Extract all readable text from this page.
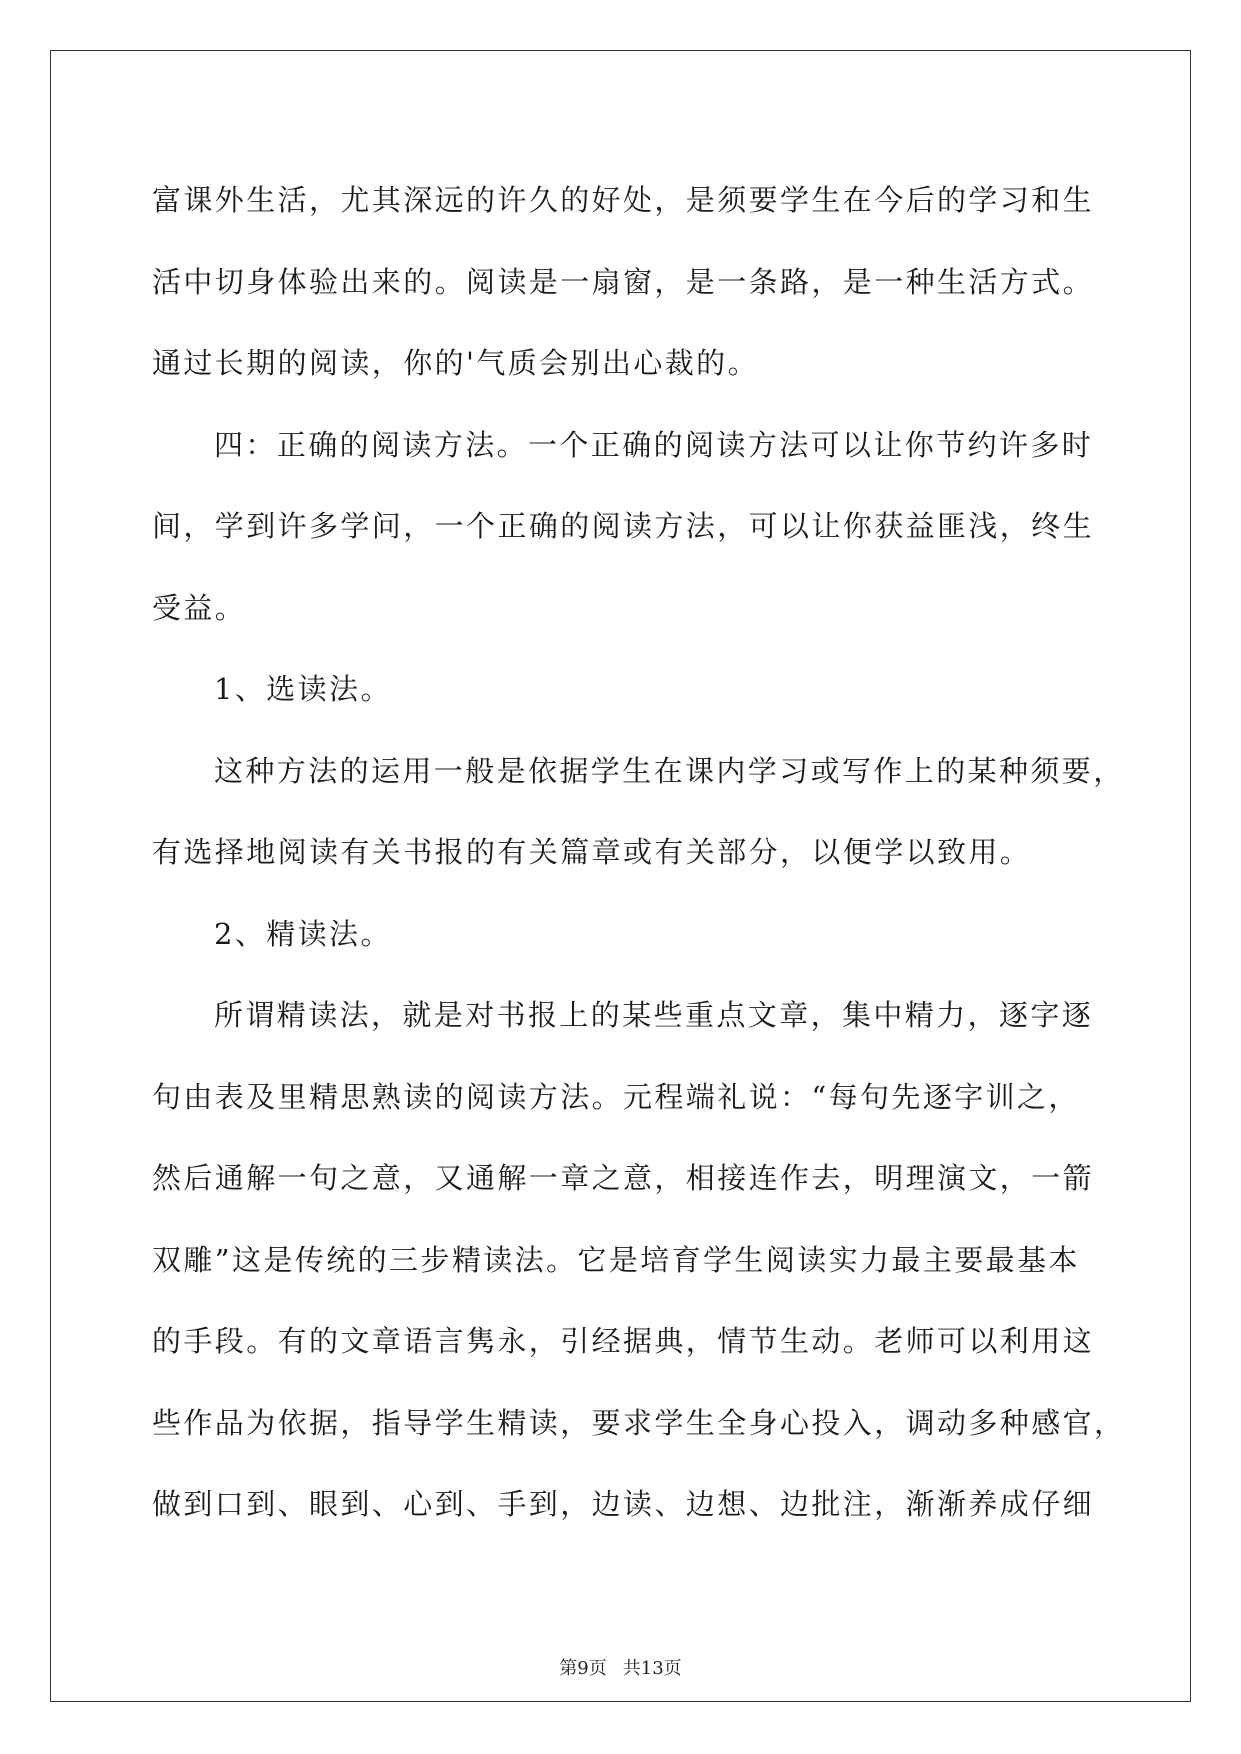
富课外生活，尤其深远的许久的好处，是须要学生在今后的学习和生

活中切身体验出来的。阅读是一扇窗，是一条路，是一种生活方式。

通过长期的阅读，你的'气质会别出心裁的。

四：正确的阅读方法。一个正确的阅读方法可以让你节约许多时

间，学到许多学问，一个正确的阅读方法，可以让你获益匪浅，终生

受益。

1、选读法。

这种方法的运用一般是依据学生在课内学习或写作上的某种须要，

有选择地阅读有关书报的有关篇章或有关部分，以便学以致用。

2、精读法。

所谓精读法，就是对书报上的某些重点文章，集中精力，逐字逐

句由表及里精思熟读的阅读方法。元程端礼说：“每句先逐字训之，

然后通解一句之意，又通解一章之意，相接连作去，明理演文，一箭

双雕”这是传统的三步精读法。它是培育学生阅读实力最主要最基本

的手段。有的文章语言隽永，引经据典，情节生动。老师可以利用这

些作品为依据，指导学生精读，要求学生全身心投入，调动多种感官，

做到口到、眼到、心到、手到，边读、边想、边批注，渐渐养成仔细

第9页 共13页
